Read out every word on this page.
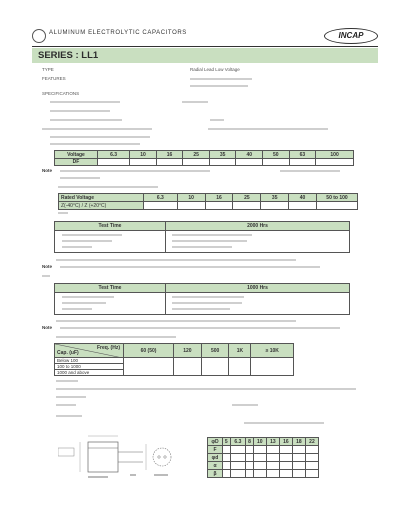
ALUMINUM ELECTROLYTIC CAPACITORS	INCAP
SERIES : LL1
TYPE	Radial Lead Low Voltage
FEATURES
SPECIFICATIONS
Voltage	6.3	10	16	25	35	40	50	63	100
DF									
Note
Rated Voltage	6.3	10	16	25	35	40	50 to 100
Z(-40°C) / Z (+20°C)							
Test Time	2000 Hrs

Note
Test Time	1000 Hrs

Note
Freq. (Hz)
Cap. (uF)	60 (50)	120	500	1K	≥ 10K
Below 100					
100 to 1000					
1000 and above					
φD	5	6.3	8	10	13	16	18	22
F								
φd								
α								
β								
